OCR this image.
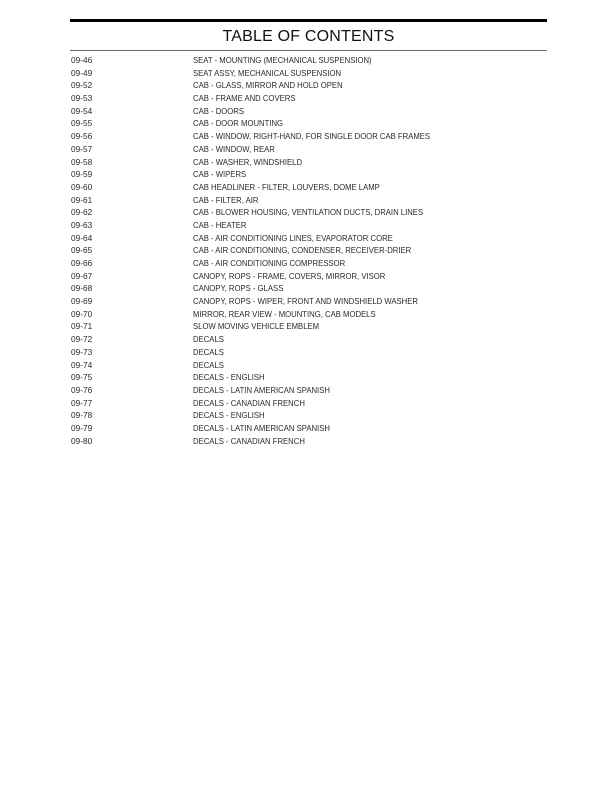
TABLE OF CONTENTS
09-46	SEAT - MOUNTING (MECHANICAL SUSPENSION)
09-49	SEAT ASSY, MECHANICAL SUSPENSION
09-52	CAB - GLASS, MIRROR AND HOLD OPEN
09-53	CAB - FRAME AND COVERS
09-54	CAB - DOORS
09-55	CAB - DOOR MOUNTING
09-56	CAB - WINDOW, RIGHT-HAND, FOR SINGLE DOOR CAB FRAMES
09-57	CAB - WINDOW, REAR
09-58	CAB - WASHER, WINDSHIELD
09-59	CAB - WIPERS
09-60	CAB HEADLINER - FILTER, LOUVERS, DOME LAMP
09-61	CAB - FILTER, AIR
09-62	CAB - BLOWER HOUSING, VENTILATION DUCTS, DRAIN LINES
09-63	CAB - HEATER
09-64	CAB - AIR CONDITIONING LINES, EVAPORATOR CORE
09-65	CAB - AIR CONDITIONING, CONDENSER, RECEIVER-DRIER
09-66	CAB - AIR CONDITIONING COMPRESSOR
09-67	CANOPY, ROPS - FRAME, COVERS, MIRROR, VISOR
09-68	CANOPY, ROPS - GLASS
09-69	CANOPY, ROPS - WIPER, FRONT AND WINDSHIELD WASHER
09-70	MIRROR, REAR VIEW - MOUNTING, CAB MODELS
09-71	SLOW MOVING VEHICLE EMBLEM
09-72	DECALS
09-73	DECALS
09-74	DECALS
09-75	DECALS - ENGLISH
09-76	DECALS - LATIN AMERICAN SPANISH
09-77	DECALS - CANADIAN FRENCH
09-78	DECALS - ENGLISH
09-79	DECALS - LATIN AMERICAN SPANISH
09-80	DECALS - CANADIAN FRENCH
